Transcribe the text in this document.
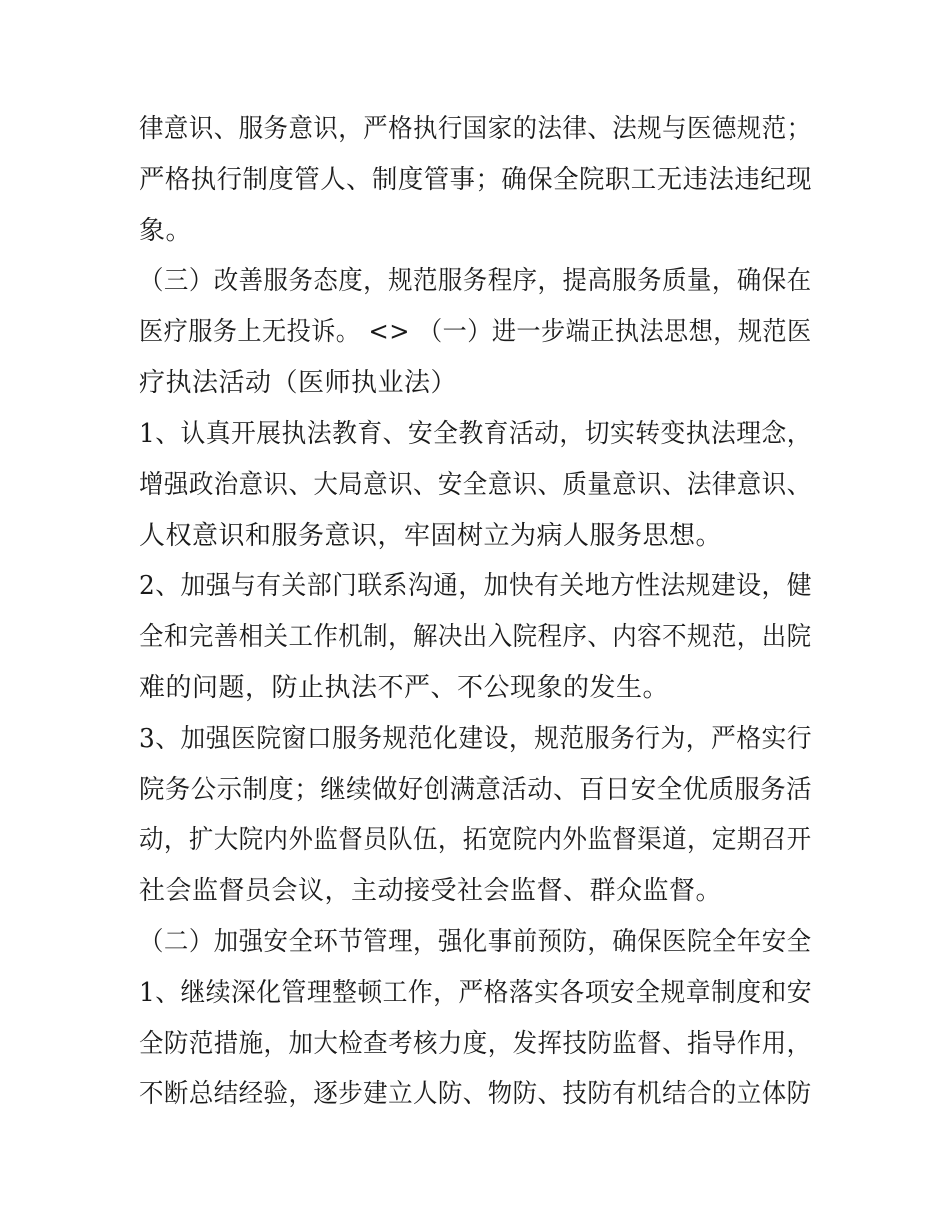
律意识、服务意识，严格执行国家的法律、法规与医德规范；
严格执行制度管人、制度管事；确保全院职工无违法违纪现
象。
（三）改善服务态度，规范服务程序，提高服务质量，确保在
医疗服务上无投诉。 <> （一）进一步端正执法思想，规范医
疗执法活动（医师执业法）
1、认真开展执法教育、安全教育活动，切实转变执法理念，
增强政治意识、大局意识、安全意识、质量意识、法律意识、
人权意识和服务意识，牢固树立为病人服务思想。
2、加强与有关部门联系沟通，加快有关地方性法规建设，健
全和完善相关工作机制，解决出入院程序、内容不规范，出院
难的问题，防止执法不严、不公现象的发生。
3、加强医院窗口服务规范化建设，规范服务行为，严格实行
院务公示制度；继续做好创满意活动、百日安全优质服务活
动，扩大院内外监督员队伍，拓宽院内外监督渠道，定期召开
社会监督员会议，主动接受社会监督、群众监督。
（二）加强安全环节管理，强化事前预防，确保医院全年安全
1、继续深化管理整顿工作，严格落实各项安全规章制度和安
全防范措施，加大检查考核力度，发挥技防监督、指导作用，
不断总结经验，逐步建立人防、物防、技防有机结合的立体防
